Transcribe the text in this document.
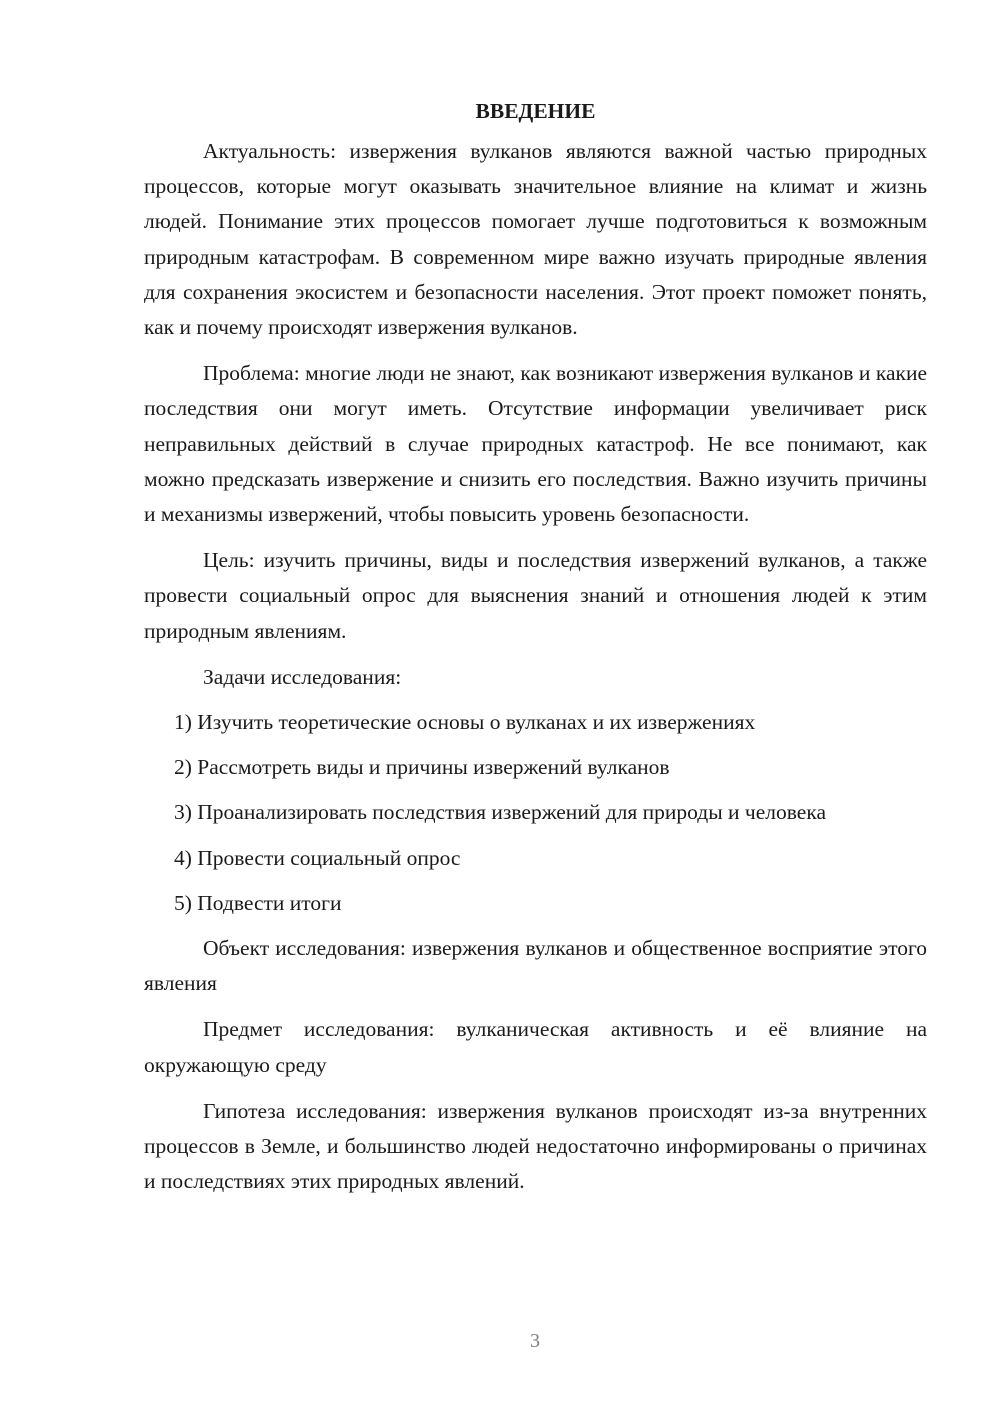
ВВЕДЕНИЕ
Актуальность: извержения вулканов являются важной частью природных процессов, которые могут оказывать значительное влияние на климат и жизнь людей. Понимание этих процессов помогает лучше подготовиться к возможным природным катастрофам. В современном мире важно изучать природные явления для сохранения экосистем и безопасности населения. Этот проект поможет понять, как и почему происходят извержения вулканов.
Проблема: многие люди не знают, как возникают извержения вулканов и какие последствия они могут иметь. Отсутствие информации увеличивает риск неправильных действий в случае природных катастроф. Не все понимают, как можно предсказать извержение и снизить его последствия. Важно изучить причины и механизмы извержений, чтобы повысить уровень безопасности.
Цель: изучить причины, виды и последствия извержений вулканов, а также провести социальный опрос для выяснения знаний и отношения людей к этим природным явлениям.
Задачи исследования:
1) Изучить теоретические основы о вулканах и их извержениях
2) Рассмотреть виды и причины извержений вулканов
3) Проанализировать последствия извержений для природы и человека
4) Провести социальный опрос
5) Подвести итоги
Объект исследования: извержения вулканов и общественное восприятие этого явления
Предмет исследования: вулканическая активность и её влияние на окружающую среду
Гипотеза исследования: извержения вулканов происходят из-за внутренних процессов в Земле, и большинство людей недостаточно информированы о причинах и последствиях этих природных явлений.
3
